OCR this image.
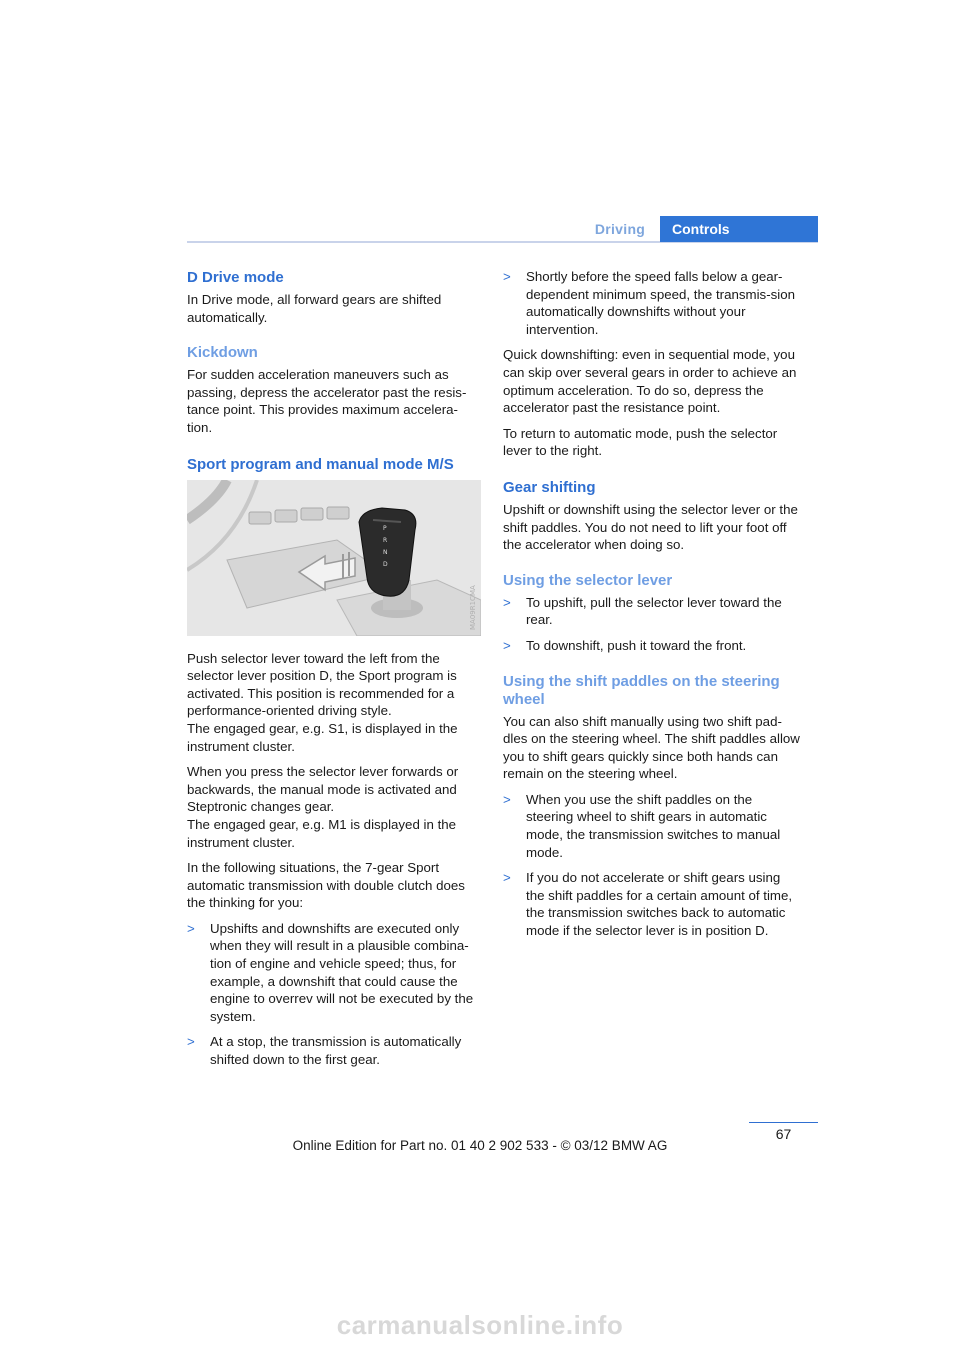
Driving	Controls
D Drive mode

In Drive mode, all forward gears are shifted automatically.

Kickdown

For sudden acceleration maneuvers such as passing, depress the accelerator past the resis-tance point. This provides maximum accelera-tion.

Sport program and manual mode M/S
P
R
N
D
MA09R1CMA

Push selector lever toward the left from the selector lever position D, the Sport program is activated. This position is recommended for a performance-oriented driving style.

The engaged gear, e.g. S1, is displayed in the instrument cluster.

When you press the selector lever forwards or backwards, the manual mode is activated and Steptronic changes gear.

The engaged gear, e.g. M1 is displayed in the instrument cluster.

In the following situations, the 7-gear Sport automatic transmission with double clutch does the thinking for you:

> Upshifts and downshifts are executed only when they will result in a plausible combina-tion of engine and vehicle speed; thus, for example, a downshift that could cause the engine to overrev will not be executed by the system.
> At a stop, the transmission is automatically shifted down to the first gear.
> Shortly before the speed falls below a gear-dependent minimum speed, the transmis-sion automatically downshifts without your intervention.

Quick downshifting: even in sequential mode, you can skip over several gears in order to achieve an optimum acceleration. To do so, depress the accelerator past the resistance point.

To return to automatic mode, push the selector lever to the right.

Gear shifting

Upshift or downshift using the selector lever or the shift paddles. You do not need to lift your foot off the accelerator when doing so.

Using the selector lever
> To upshift, pull the selector lever toward the rear.
> To downshift, push it toward the front.
Using the shift paddles on the steering wheel

You can also shift manually using two shift pad-dles on the steering wheel. The shift paddles allow you to shift gears quickly since both hands can remain on the steering wheel.

> When you use the shift paddles on the steering wheel to shift gears in automatic mode, the transmission switches to manual mode.
> If you do not accelerate or shift gears using the shift paddles for a certain amount of time, the transmission switches back to automatic mode if the selector lever is in position D.
67
Online Edition for Part no. 01 40 2 902 533 - © 03/12 BMW AG
carmanualsonline.info
